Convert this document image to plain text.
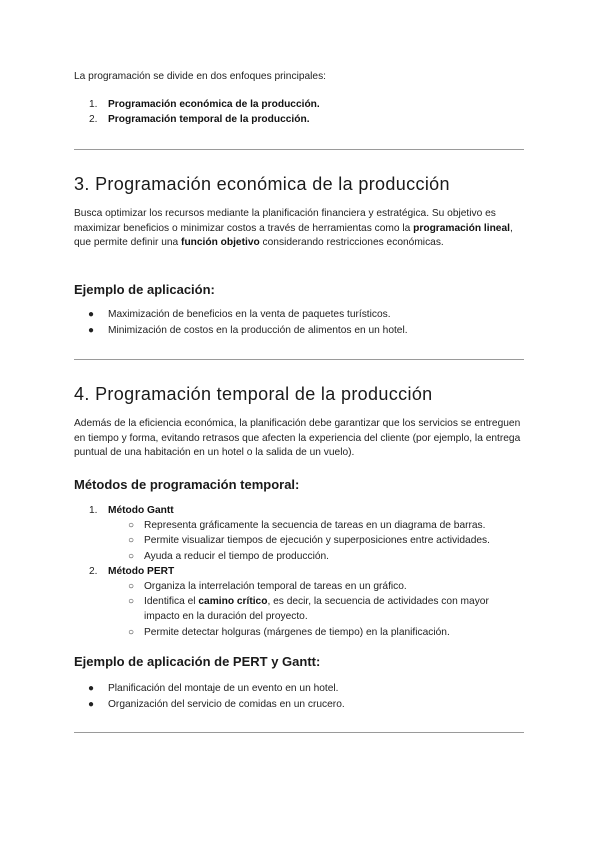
La programación se divide en dos enfoques principales:

1. Programación económica de la producción.
2. Programación temporal de la producción.
3. Programación económica de la producción

Busca optimizar los recursos mediante la planificación financiera y estratégica. Su objetivo es maximizar beneficios o minimizar costos a través de herramientas como la programación lineal, que permite definir una función objetivo considerando restricciones económicas.

Ejemplo de aplicación:
● Maximización de beneficios en la venta de paquetes turísticos.
● Minimización de costos en la producción de alimentos en un hotel.
4. Programación temporal de la producción

Además de la eficiencia económica, la planificación debe garantizar que los servicios se entreguen en tiempo y forma, evitando retrasos que afecten la experiencia del cliente (por ejemplo, la entrega puntual de una habitación en un hotel o la salida de un vuelo).

Métodos de programación temporal:
1. Método Gantt
○ Representa gráficamente la secuencia de tareas en un diagrama de barras.
○ Permite visualizar tiempos de ejecución y superposiciones entre actividades.
○ Ayuda a reducir el tiempo de producción.
2. Método PERT
○ Organiza la interrelación temporal de tareas en un gráfico.
○ Identifica el camino crítico, es decir, la secuencia de actividades con mayor impacto en la duración del proyecto.
○ Permite detectar holguras (márgenes de tiempo) en la planificación.
Ejemplo de aplicación de PERT y Gantt:
● Planificación del montaje de un evento en un hotel.
● Organización del servicio de comidas en un crucero.
